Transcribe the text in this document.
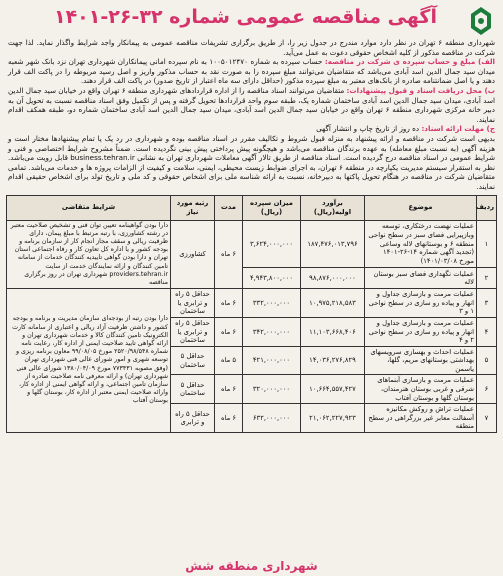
آگهی مناقصه عمومی شماره ۳۲-۲۶-۱۴۰۱

شهرداری منطقه ۶ تهران در نظر دارد موارد مندرج در جدول زیر را، از طریق برگزاری تشریفات مناقصه عمومی به پیمانکار واجد شرایط واگذار نماید. لذا جهت شرکت در مناقصه مذکور از کلیه اشخاص حقوقی دعوت به عمل می‌آید.

الف) مبلغ و حساب سپرده ی شرکت در مناقصه: حساب سپرده به شماره ۱۰۰۵۰۱۲۴۷۰ به نام سپرده امانی پیمانکاران شهرداری تهران نزد بانک شهر شعبه میدان سید جمال الدین اسد آبادی می‌باشد که متقاضیان می‌توانند مبلغ سپرده را به صورت نقد به حساب مذکور واریز و اصل رسید مربوطه را در پاکت الف قرار دهند و یا اصل ضمانتنامه صادره از بانک‌های معتبر به مبلغ سپرده مذکور (حداقل دارای سه ماه اعتبار از تاریخ صدور) در پاکت الف قرار دهند.

ب) محل دریافت اسناد و قبول پیشنهادات: متقاضیان می‌توانند اسناد مناقصه را از اداره قراردادهای شهرداری منطقه ۶ تهران واقع در خیابان سید جمال الدین اسد آبادی، میدان سید جمال الدین اسد آبادی ساختمان شماره یک، طبقه سوم واحد قراردادها تحویل گرفته و پس از تکمیل وفق اسناد مناقصه نسبت به تحویل آن به دبیر خانه مرکزی شهرداری منطقه ۶ تهران واقع در خیابان سید جمال الدین اسد آبادی، میدان سید جمال الدین اسد آبادی ساختمان شماره دو، طبقه همکف اقدام نمایند.

ج) مهلت ارائه اسناد: ده روز از تاریخ چاپ و انتشار آگهی

بدیهی است شرکت در مناقصه و ارائه پیشنهاد به منزله قبول شروط و تکالیف مقرر در اسناد مناقصه بوده و شهرداری در رد یک یا تمام پیشنهادها مختار است و هزینه آگهی (به نسبت مبلغ معامله) به عهده برندگان مناقصه می‌باشد و هیچگونه پیش پرداختی پیش بینی نگردیده است. ضمناً مشروح شرایط اختصاصی و فنی و شرایط عمومی در اسناد مناقصه درج گردیده است. اسناد مناقصه از طریق تالار آگهی معاملات شهرداری تهران به نشانی business.tehran.ir قابل رویت می‌باشد. نظر به استقرار سیستم مدیریت یکپارچه در منطقه ۶ تهران، به اجرای ضوابط زیست محیطی، ایمنی، سلامت و کیفیت از الزامات پروژه ها و خدمات می‌باشد. تمامی متقاضیان شرکت در مناقصه در هنگام تحویل پاکتها به دبیرخانه، نسبت به ارائه شناسه ملی برای اشخاص حقوقی و کد ملی و تاریخ تولد برای اشخاص حقیقی اقدام نمایند.

ردیف	موضوع	برآورد اولیه(ریال)	میزان سپرده (ریال)	مدت	رتبه مورد نیاز	شرایط متقاضی
۱	عملیات نهضت درختکاری، توسعه وبازپیرایی فضای سبز در سطح نواحی منطقه ۶ و بوستانهای لاله وساعی (تجدید آگهی شماره ۱۴-۲۶-۱۴۰۱ مورخ ۱۴۰۱/۰۳/۰۸)	۱۸۷,۴۷۶,۰۱۳,۷۹۶	۳,۶۲۴,۰۰۰,۰۰۰	۶ ماه	کشاورزی	دارا بودن گواهینامه تعیین توان فنی و تشخیص صلاحیت معتبر در رشته کشاورزی، با رتبه مرتبط با مبلغ پیمان، دارای ظرفیت ریالی و سقف مجاز انجام کار از سازمان برنامه و بودجه کشور و یا اداره کل تعاون کار و رفاه اجتماعی استان تهران و دارا بودن گواهی تاییدیه کنندگان خدمات از سامانه تامین کنندگان و ارائه نمایندگان خدمت از سایت providers.tehran.ir شهرداری تهران در روز برگزاری مناقصه
۲	عملیات نگهداری فضای سبز بوستان لاله	۹۸,۸۷۶,۰۰۰,۰۰۰	۴,۹۴۳,۸۰۰,۰۰۰			
۳	عملیات مرمت و بازسازی جداول و انهار و پیاده رو سازی در سطح نواحی ۱ و ۳	۱۰,۹۷۵,۲۱۸,۵۸۳	۳۳۲,۰۰۰,۰۰۰	۶ ماه	حداقل ۵ راه و ترابری یا ساختمان	دارا بودن رتبه از بودجه‌ای سازمان مدیریت و برنامه و بودجه کشور و داشتن ظرفیت آزاد ریالی و اعتباری از سامانه کارت الکترونیک تامین کنندگان کالا و خدمات شهرداری تهران و ارائه گواهی تایید صلاحیت ایمنی از اداره کار، رعایت نامه شماره ۲۵۲۰/۹۸/۵۴۸ مورخ ۹۹/۰۸/۰۵ معاون برنامه ریزی و توسعه شهری و امور شورای عالی فنی شهرداری تهران (وفق مصوبه ۷۷۳۴۳۱ مورخ ۱۳۸۰/۰۴/۰۹ شورای عالی فنی شهرداری تهران) و ارائه معرفی نامه صلاحیت صادره از سازمان تامین اجتماعی، و ارائه گواهی ایمنی از اداره کار، وارائه صلاحیت ایمنی معتبر از اداره کار، بوستان گلها و بوستان آفتاب
۴	عملیات مرمت و بازسازی جداول و انهار و پیاده رو سازی در سطح نواحی ۲ و ۴	۱۱,۱۰۳,۶۶۸,۴۰۶	۳۴۲,۰۰۰,۰۰۰	۶ ماه	حداقل ۵ راه و ترابری یا ساختمان	
۵	عملیات احداث و بهسازی سرویسهای بهداشتی بوستانهای مریم، گلها، یاسمن	۱۴,۰۳۶,۲۷۶,۸۲۹	۴۲۱,۰۰۰,۰۰۰	۵ ماه	حداقل ۵ ساختمان	
۶	عملیات مرمت و بازسازی آبنماهای شرقی و غربی بوستان هنرمندان، بوستان گلها و بوستان آفتاب	۱۰,۶۶۴,۵۵۷,۴۲۷	۳۲۰,۰۰۰,۰۰۰	۶ ماه	حداقل ۵ ساختمان	
۷	عملیات تراش و روکش مکانیزه آسفالت معابر غیر بزرگراهی در سطح منطقه	۲۱,۰۶۲,۲۲۷,۹۲۳	۶۳۲,۰۰۰,۰۰۰	۶ ماه	حداقل ۵ راه و ترابری	
شهرداری منطقه شش
